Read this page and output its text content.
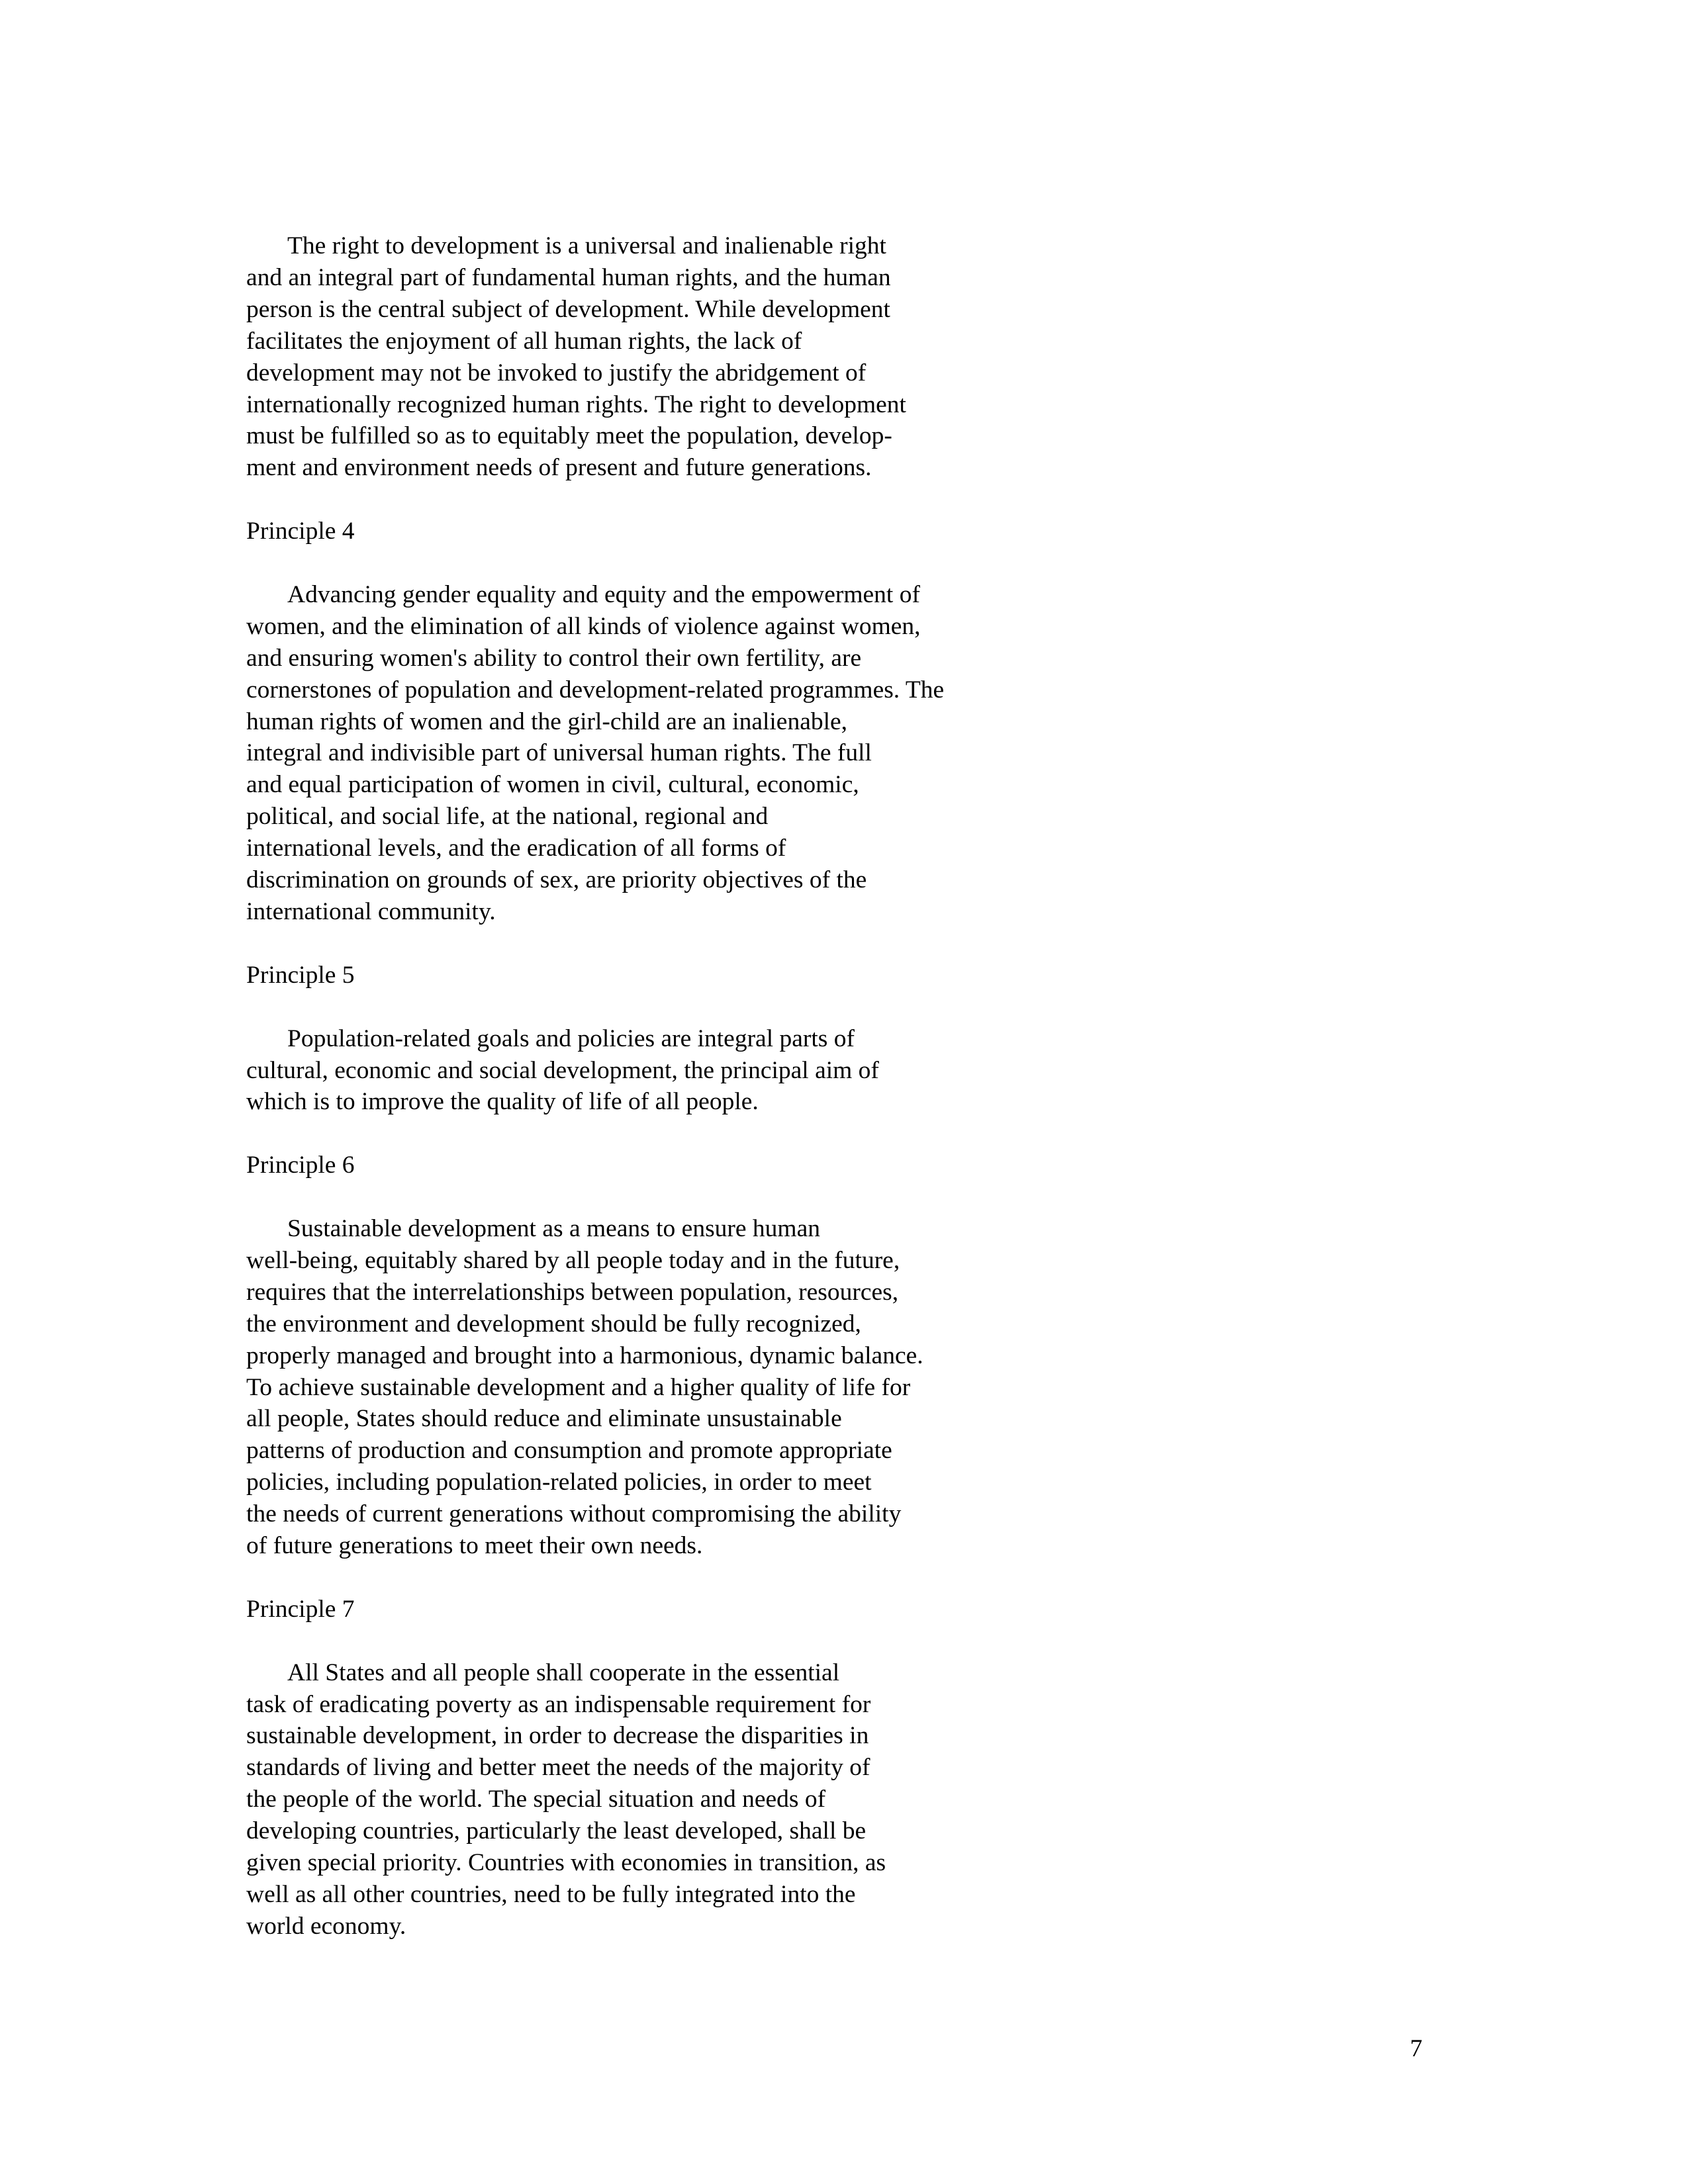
The right to development is a universal and inalienable right
and an integral part of fundamental human rights, and the human
person is the central subject of development. While development
facilitates the enjoyment of all human rights, the lack of
development may not be invoked to justify the abridgement of
internationally recognized human rights. The right to development
must be fulfilled so as to equitably meet the population, develop-
ment and environment needs of present and future generations.

Principle 4

Advancing gender equality and equity and the empowerment of
women, and the elimination of all kinds of violence against women,
and ensuring women's ability to control their own fertility, are
cornerstones of population and development-related programmes. The
human rights of women and the girl-child are an inalienable,
integral and indivisible part of universal human rights. The full
and equal participation of women in civil, cultural, economic,
political, and social life, at the national, regional and
international levels, and the eradication of all forms of
discrimination on grounds of sex, are priority objectives of the
international community.

Principle 5

Population-related goals and policies are integral parts of
cultural, economic and social development, the principal aim of
which is to improve the quality of life of all people.

Principle 6

Sustainable development as a means to ensure human
well-being, equitably shared by all people today and in the future,
requires that the interrelationships between population, resources,
the environment and development should be fully recognized,
properly managed and brought into a harmonious, dynamic balance.
To achieve sustainable development and a higher quality of life for
all people, States should reduce and eliminate unsustainable
patterns of production and consumption and promote appropriate
policies, including population-related policies, in order to meet
the needs of current generations without compromising the ability
of future generations to meet their own needs.

Principle 7

All States and all people shall cooperate in the essential
task of eradicating poverty as an indispensable requirement for
sustainable development, in order to decrease the disparities in
standards of living and better meet the needs of the majority of
the people of the world. The special situation and needs of
developing countries, particularly the least developed, shall be
given special priority. Countries with economies in transition, as
well as all other countries, need to be fully integrated into the
world economy.

7
